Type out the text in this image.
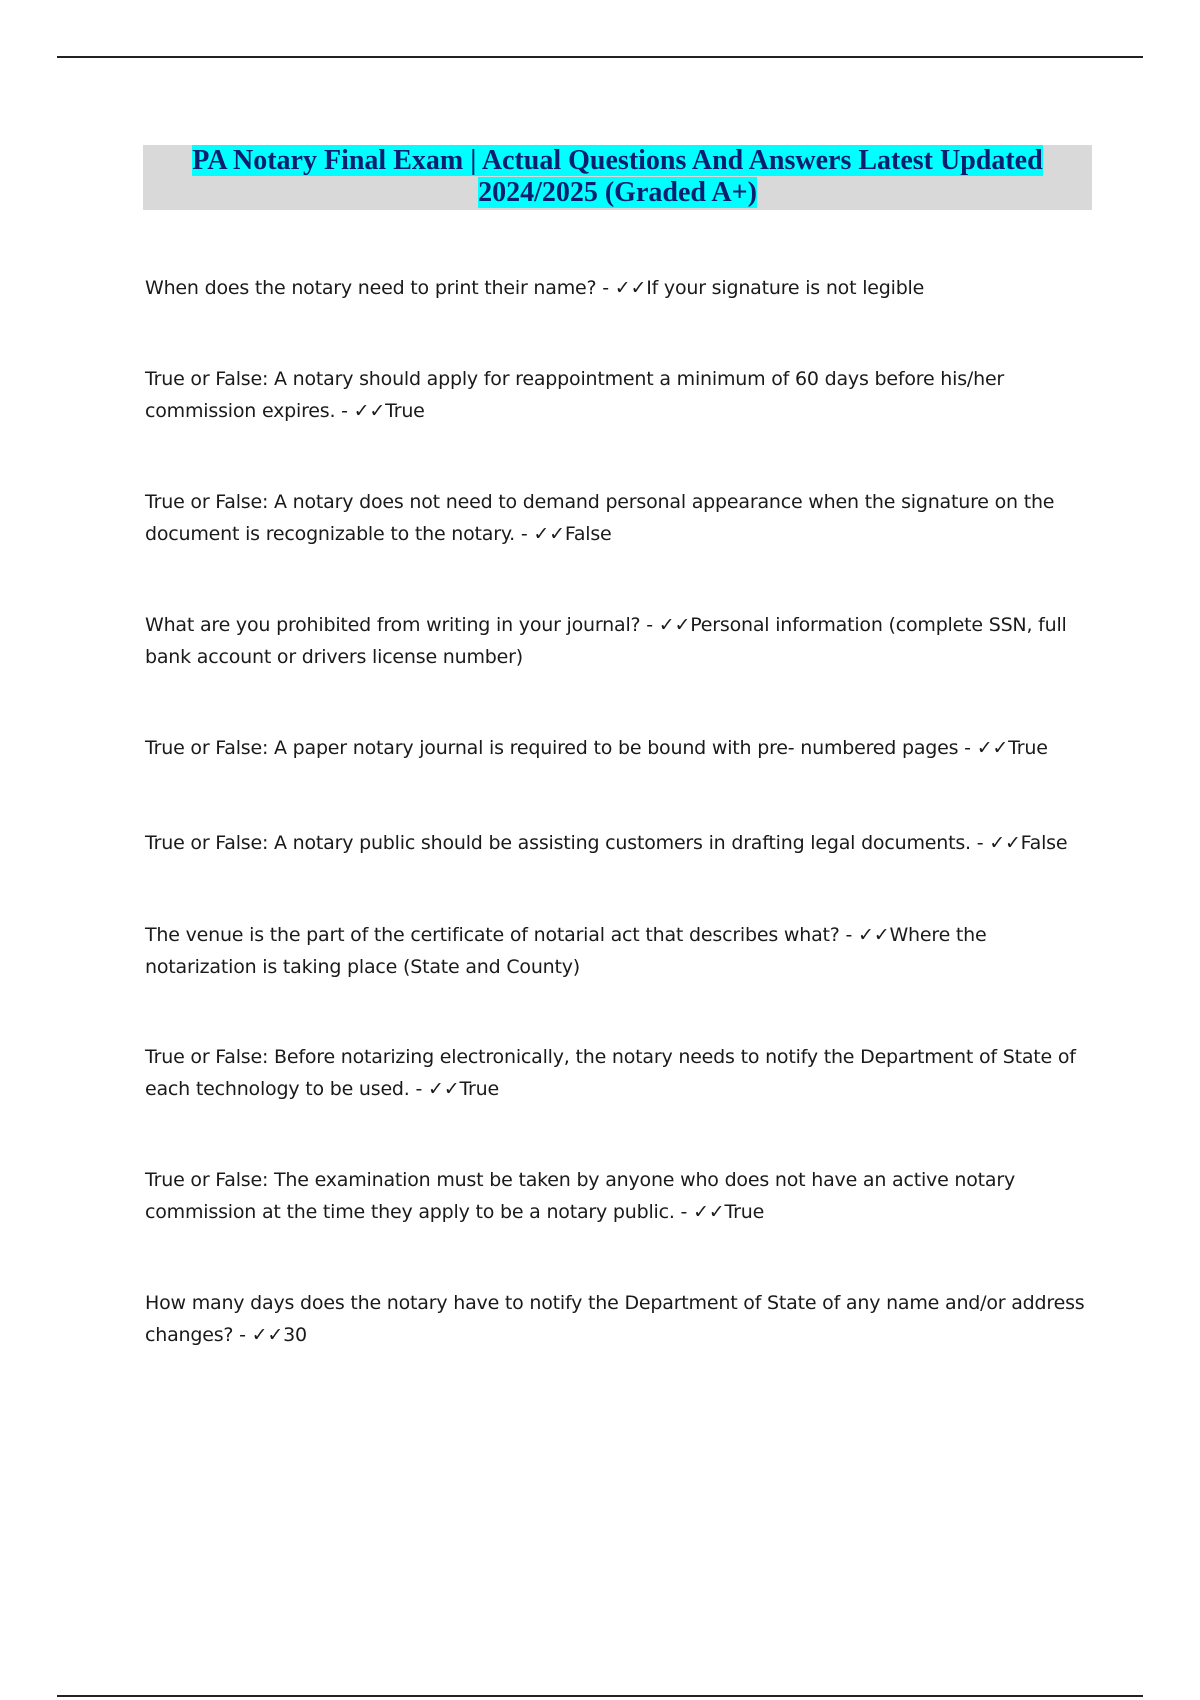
PA Notary Final Exam | Actual Questions And Answers Latest Updated
2024/2025 (Graded A+)
When does the notary need to print their name? - ✓✓If your signature is not legible
True or False: A notary should apply for reappointment a minimum of 60 days before his/her commission expires. - ✓✓True
True or False: A notary does not need to demand personal appearance when the signature on the document is recognizable to the notary. - ✓✓False
What are you prohibited from writing in your journal? - ✓✓Personal information (complete SSN, full bank account or drivers license number)
True or False: A paper notary journal is required to be bound with pre- numbered pages - ✓✓True
True or False: A notary public should be assisting customers in drafting legal documents. - ✓✓False
The venue is the part of the certificate of notarial act that describes what? - ✓✓Where the notarization is taking place (State and County)
True or False: Before notarizing electronically, the notary needs to notify the Department of State of each technology to be used. - ✓✓True
True or False: The examination must be taken by anyone who does not have an active notary commission at the time they apply to be a notary public. - ✓✓True
How many days does the notary have to notify the Department of State of any name and/or address changes? - ✓✓30
